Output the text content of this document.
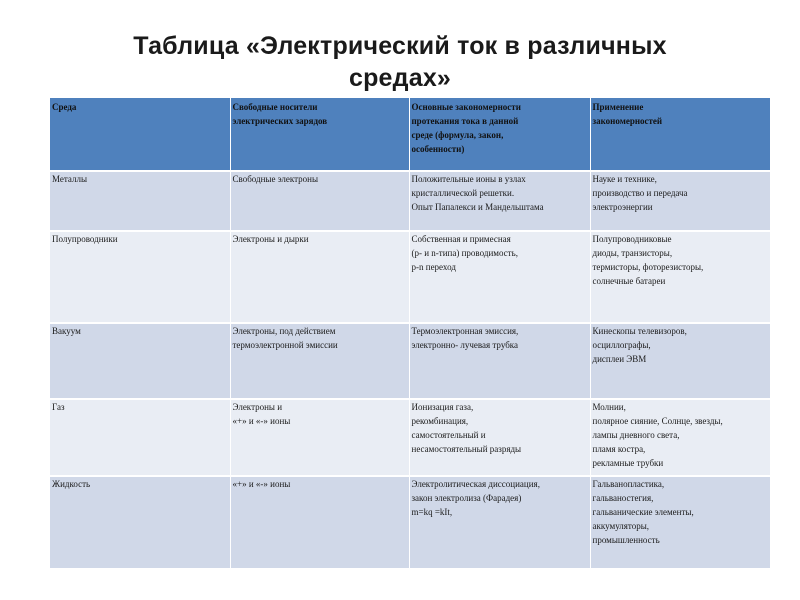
Таблица «Электрический ток в различных
средах»
Среда	Свободные носители
электрических зарядов	Основные закономерности
протекания тока в данной
среде (формула, закон,
особенности)	Применение
закономерностей

Металлы	Свободные электроны	Положительные ионы в узлах
кристаллической решетки.
Опыт Папалекси и Мандельштама	Науке и технике,
производство и передача
электроэнергии

Полупроводники	Электроны и дырки	Собственная и примесная
(p- и n-типа) проводимость,
p-n переход	Полупроводниковые
диоды, транзисторы,
термисторы, фоторезисторы,
солнечные батареи

Вакуум	Электроны, под действием
термоэлектронной эмиссии	Термоэлектронная эмиссия,
электронно- лучевая трубка	Кинескопы телевизоров,
осциллографы,
дисплеи ЭВМ

Газ	Электроны и
«+» и «-» ионы	Ионизация газа,
рекомбинация,
самостоятельный и
несамостоятельный разряды	Молнии,
полярное сияние, Солнце, звезды,
лампы дневного света,
пламя костра,
рекламные трубки

Жидкость	«+» и «-» ионы	Электролитическая диссоциация,
закон электролиза (Фарадея)
m=kq =kIt,	Гальванопластика,
гальваностегия,
гальванические элементы,
аккумуляторы,
промышленность
